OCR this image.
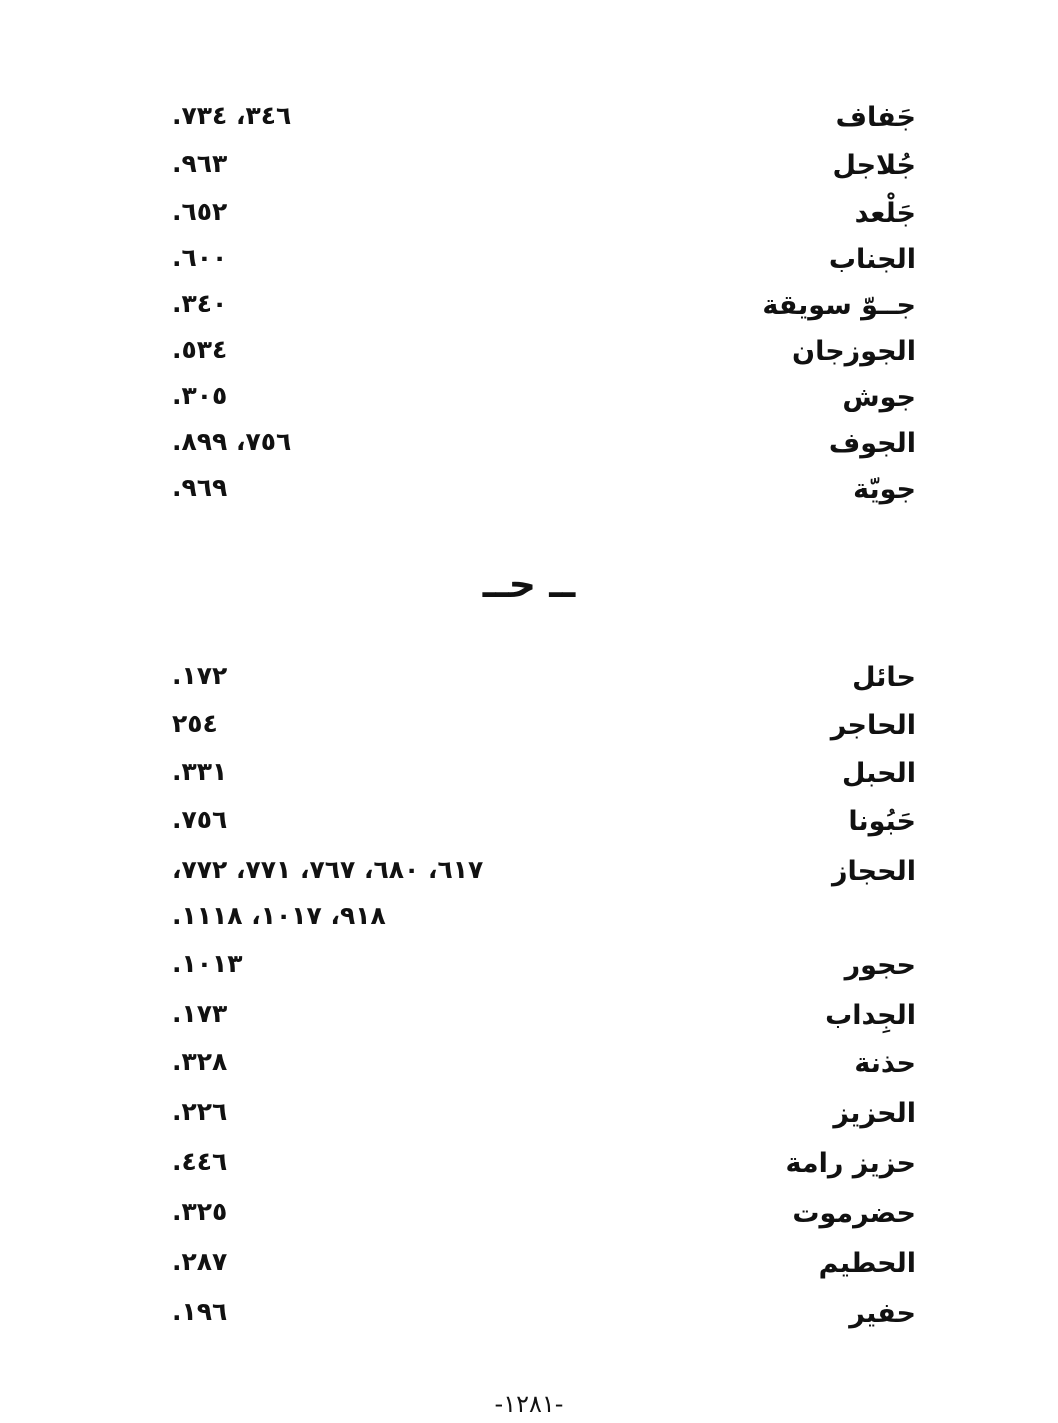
جَفاف
٣٤٦، ٧٣٤.
جُلاجل
٩٦٣.
جَلْعد
٦٥٢.
الجناب
٦٠٠.
جــوّ سويقة
٣٤٠.
الجوزجان
٥٣٤.
جوش
٣٠٥.
الجوف
٧٥٦، ٨٩٩.
جويّة
٩٦٩.
ــ حــ
حائل
١٧٢.
الحاجر
٢٥٤
الحبل
٣٣١.
حَبُونا
٧٥٦.
الحجاز
٦١٧، ٦٨٠، ٧٦٧، ٧٧١، ٧٧٢،
٩١٨، ١٠١٧، ١١١٨.
حجور
١٠١٣.
الجِداب
١٧٣.
حذنة
٣٢٨.
الحزيز
٢٢٦.
حزيز رامة
٤٤٦.
حضرموت
٣٢٥.
الحطيم
٢٨٧.
حفير
١٩٦.
-١٢٨١-
